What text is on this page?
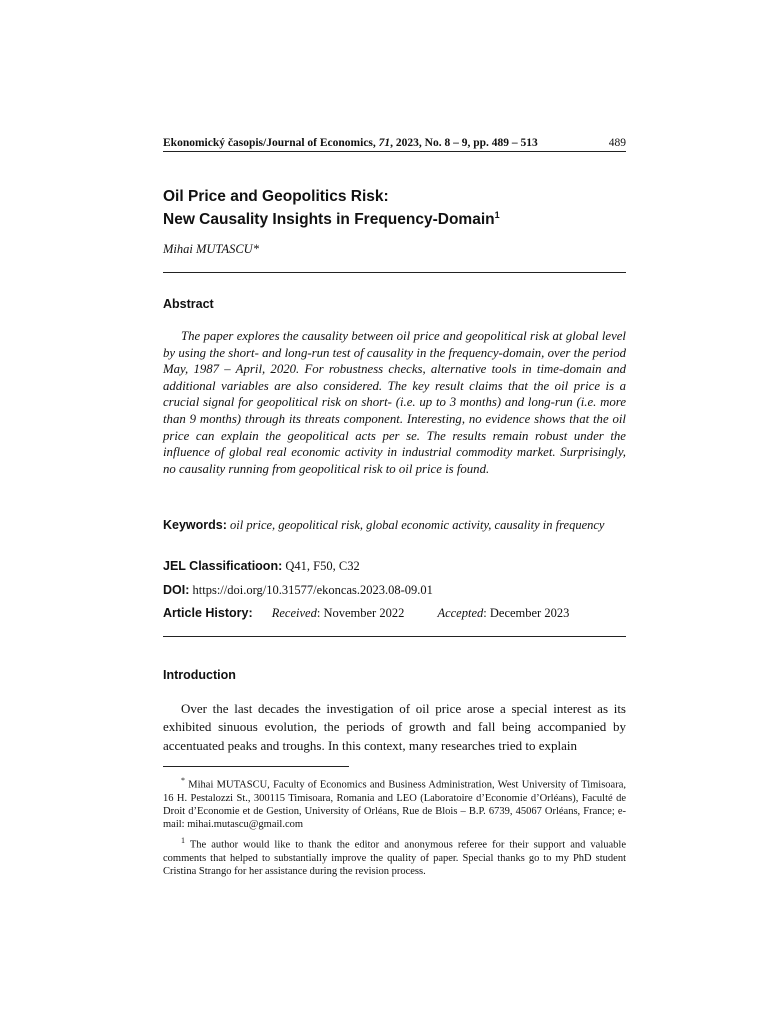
Ekonomický časopis/Journal of Economics, 71, 2023, No. 8 – 9, pp. 489 – 513	489
Oil Price and Geopolitics Risk:
New Causality Insights in Frequency-Domain$^1$
Mihai MUTASCU*
Abstract
The paper explores the causality between oil price and geopolitical risk at global level by using the short- and long-run test of causality in the frequency-domain, over the period May, 1987 – April, 2020. For robustness checks, alternative tools in time-domain and additional variables are also considered. The key result claims that the oil price is a crucial signal for geopolitical risk on short- (i.e. up to 3 months) and long-run (i.e. more than 9 months) through its threats component. Interesting, no evidence shows that the oil price can explain the geopolitical acts per se. The results remain robust under the influence of global real economic activity in industrial commodity market. Surprisingly, no causality running from geopolitical risk to oil price is found.
Keywords: oil price, geopolitical risk, global economic activity, causality in frequency
JEL Classificatioon: Q41, F50, C32
DOI: https://doi.org/10.31577/ekoncas.2023.08-09.01
Article History: Received: November 2022	Accepted: December 2023
Introduction
Over the last decades the investigation of oil price arose a special interest as its exhibited sinuous evolution, the periods of growth and fall being accompanied by accentuated peaks and troughs. In this context, many researches tried to explain

* Mihai MUTASCU, Faculty of Economics and Business Administration, West University of Timisoara, 16 H. Pestalozzi St., 300115 Timisoara, Romania and LEO (Laboratoire d’Economie d’Orléans), Faculté de Droit d’Economie et de Gestion, University of Orléans, Rue de Blois – B.P. 6739, 45067 Orléans, France; e-mail: mihai.mutascu@gmail.com

$^1$ The author would like to thank the editor and anonymous referee for their support and valuable comments that helped to substantially improve the quality of paper. Special thanks go to my PhD student Cristina Strango for her assistance during the revision process.
